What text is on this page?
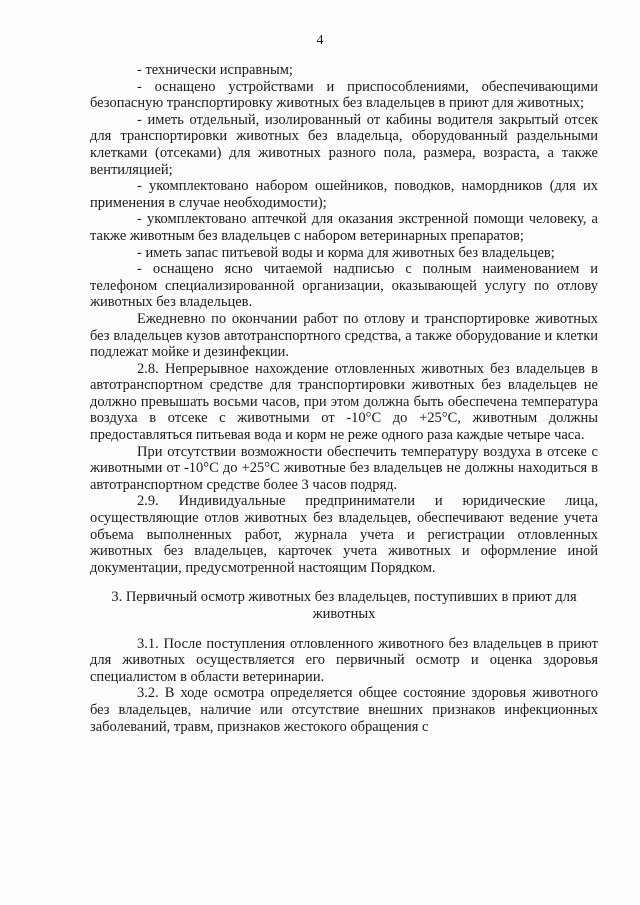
4

- технически исправным;

- оснащено устройствами и приспособлениями, обеспечивающими безопасную транспортировку животных без владельцев в приют для животных;

- иметь отдельный, изолированный от кабины водителя закрытый отсек для транспортировки животных без владельца, оборудованный раздельными клетками (отсеками) для животных разного пола, размера, возраста, а также вентиляцией;

- укомплектовано набором ошейников, поводков, намордников (для их применения в случае необходимости);

- укомплектовано аптечкой для оказания экстренной помощи человеку, а также животным без владельцев с набором ветеринарных препаратов;

- иметь запас питьевой воды и корма для животных без владельцев;

- оснащено ясно читаемой надписью с полным наименованием и телефоном специализированной организации, оказывающей услугу по отлову животных без владельцев.

Ежедневно по окончании работ по отлову и транспортировке животных без владельцев кузов автотранспортного средства, а также оборудование и клетки подлежат мойке и дезинфекции.

2.8. Непрерывное нахождение отловленных животных без владельцев в автотранспортном средстве для транспортировки животных без владельцев не должно превышать восьми часов, при этом должна быть обеспечена температура воздуха в отсеке с животными от -10°С до +25°С, животным должны предоставляться питьевая вода и корм не реже одного раза каждые четыре часа.

При отсутствии возможности обеспечить температуру воздуха в отсеке с животными от -10°С до +25°С животные без владельцев не должны находиться в автотранспортном средстве более 3 часов подряд.

2.9. Индивидуальные предприниматели и юридические лица, осуществляющие отлов животных без владельцев, обеспечивают ведение учета объема выполненных работ, журнала учета и регистрации отловленных животных без владельцев, карточек учета животных и оформление иной документации, предусмотренной настоящим Порядком.

3. Первичный осмотр животных без владельцев, поступивших в приют для животных

3.1. После поступления отловленного животного без владельцев в приют для животных осуществляется его первичный осмотр и оценка здоровья специалистом в области ветеринарии.

3.2. В ходе осмотра определяется общее состояние здоровья животного без владельцев, наличие или отсутствие внешних признаков инфекционных заболеваний, травм, признаков жестокого обращения с
